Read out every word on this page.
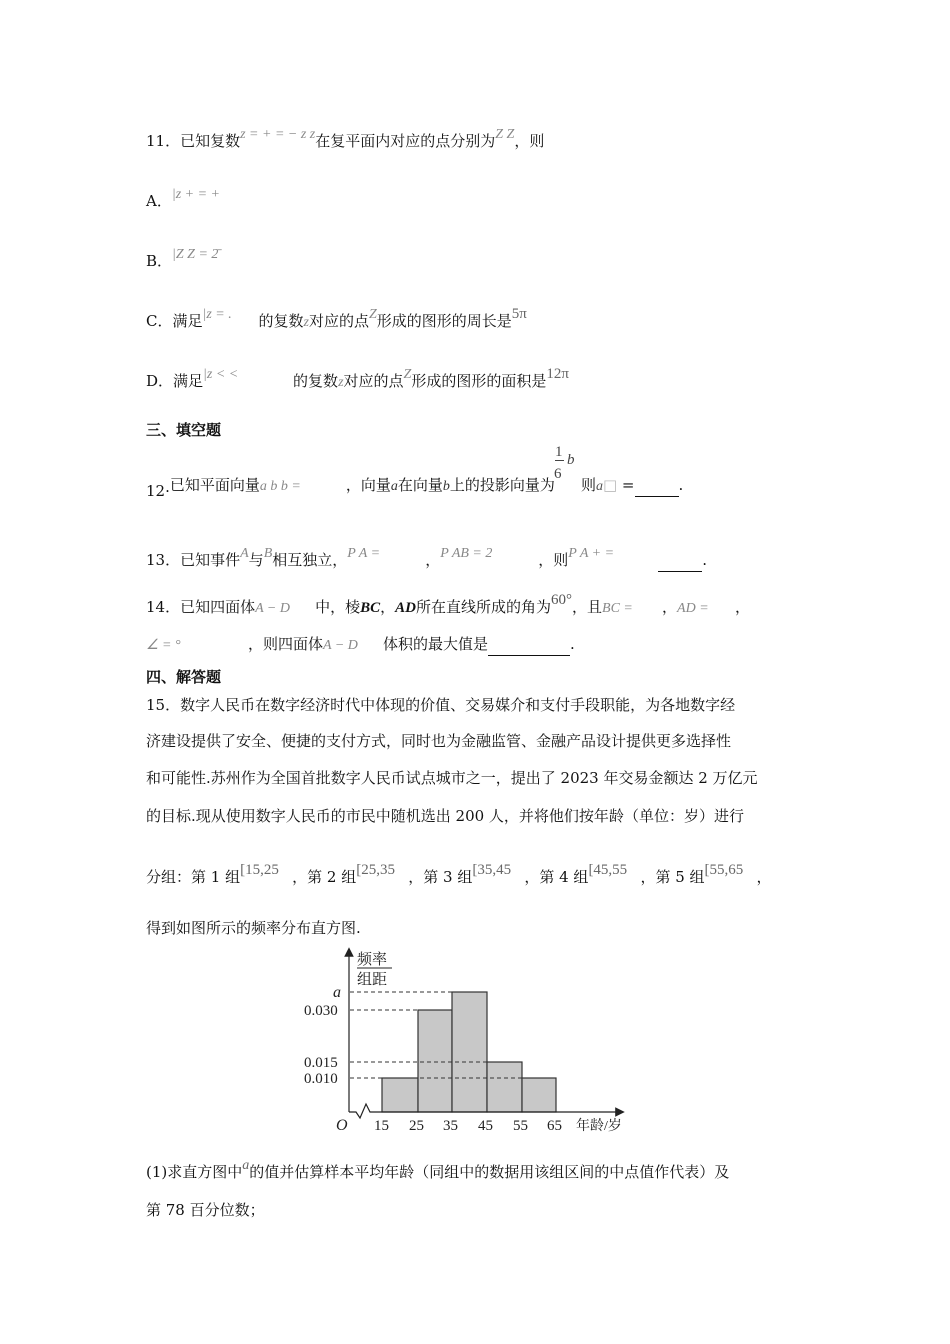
11．已知复数z = + = − z z在复平面内对应的点分别为Z Z，则
A．|z + = +
B．|Z Z = 2̄
C．满足|z = . 的复数z对应的点Z形成的图形的周长是5π
D．满足|z < <	的复数z对应的点Z形成的图形的面积是12π
三、填空题
12·已知平面向量a b b =	，向量a在向量b上的投影向量为
1
6
b
则a□ =	.
13．已知事件A与B相互独立，P A =	，P AB = 2	，则P A + =	.
14．已知四面体A − D 中，棱BC，AD所在直线所成的角为60°，且BC = ，AD = ，
∠ = °	，则四面体A − D 体积的最大值是	.
四、解答题
15．数字人民币在数字经济时代中体现的价值、交易媒介和支付手段职能，为各地数字经
济建设提供了安全、便捷的支付方式，同时也为金融监管、金融产品设计提供更多选择性
和可能性.苏州作为全国首批数字人民币试点城市之一，提出了 2023 年交易金额达 2 万亿元
的目标.现从使用数字人民币的市民中随机选出 200 人，并将他们按年龄（单位：岁）进行
分组：第 1 组[15,25 ，第 2 组[25,35 ，第 3 组[35,45 ，第 4 组[45,55 ，第 5 组[55,65 ，
得到如图所示的频率分布直方图.
频率
组距
a
0.030
0.015
0.010
O 15 25 35 45 55 65 年龄/岁
(1)求直方图中a的值并估算样本平均年龄（同组中的数据用该组区间的中点值作代表）及
第 78 百分位数；
